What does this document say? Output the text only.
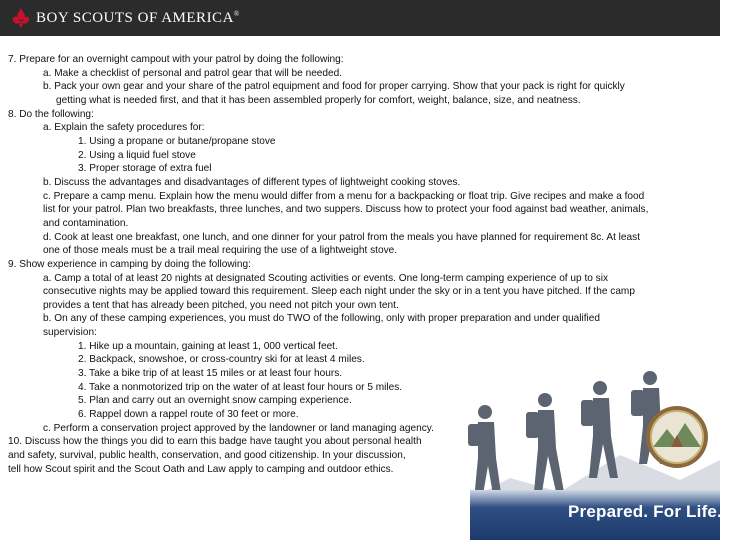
BOY SCOUTS OF AMERICA®

7. Prepare for an overnight campout with your patrol by doing the following:

a. Make a checklist of personal and patrol gear that will be needed.

b. Pack your own gear and your share of the patrol equipment and food for proper carrying. Show that your pack is right for quickly

getting what is needed first, and that it has been assembled properly for comfort, weight, balance, size, and neatness.

8. Do the following:

a. Explain the safety procedures for:

1. Using a propane or butane/propane stove

2. Using a liquid fuel stove

3. Proper storage of extra fuel

b. Discuss the advantages and disadvantages of different types of lightweight cooking stoves.

c. Prepare a camp menu. Explain how the menu would differ from a menu for a backpacking or float trip. Give recipes and make a food

list for your patrol. Plan two breakfasts, three lunches, and two suppers. Discuss how to protect your food against bad weather, animals,

and contamination.

d. Cook at least one breakfast, one lunch, and one dinner for your patrol from the meals you have planned for requirement 8c. At least

one of those meals must be a trail meal requiring the use of a lightweight stove.

9. Show experience in camping by doing the following:

a. Camp a total of at least 20 nights at designated Scouting activities or events. One long-term camping experience of up to six

consecutive nights may be applied toward this requirement. Sleep each night under the sky or in a tent you have pitched. If the camp

provides a tent that has already been pitched, you need not pitch your own tent.

b. On any of these camping experiences, you must do TWO of the following, only with proper preparation and under qualified

supervision:

1. Hike up a mountain, gaining at least 1, 000 vertical feet.

2. Backpack, snowshoe, or cross-country ski for at least 4 miles.

3. Take a bike trip of at least 15 miles or at least four hours.

4. Take a nonmotorized trip on the water of at least four hours or 5 miles.

5. Plan and carry out an overnight snow camping experience.

6. Rappel down a rappel route of 30 feet or more.

c. Perform a conservation project approved by the landowner or land managing agency.

10. Discuss how the things you did to earn this badge have taught you about personal health

and safety, survival, public health, conservation, and good citizenship. In your discussion,

tell how Scout spirit and the Scout Oath and Law apply to camping and outdoor ethics.

Prepared. For Life.™
